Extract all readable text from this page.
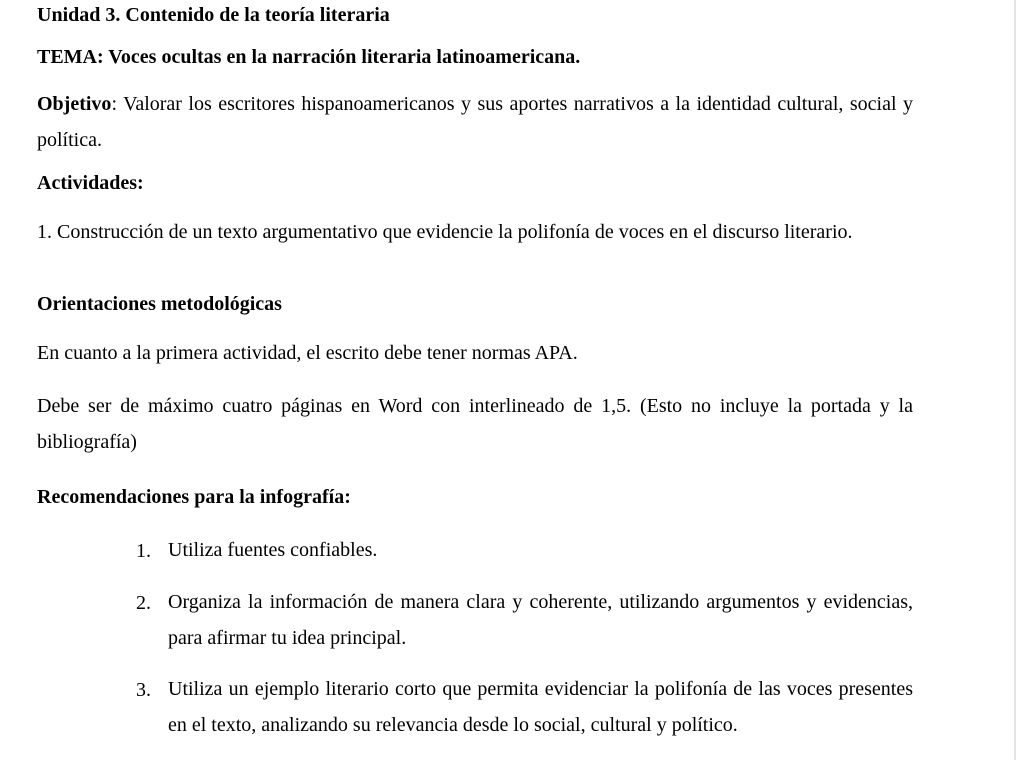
Unidad 3. Contenido de la teoría literaria

TEMA: Voces ocultas en la narración literaria latinoamericana.

Objetivo: Valorar los escritores hispanoamericanos y sus aportes narrativos a la identidad cultural, social y política.

Actividades:

1. Construcción de un texto argumentativo que evidencie la polifonía de voces en el discurso literario.

Orientaciones metodológicas

En cuanto a la primera actividad, el escrito debe tener normas APA.

Debe ser de máximo cuatro páginas en Word con interlineado de 1,5. (Esto no incluye la portada y la bibliografía)

Recomendaciones para la infografía:

1. Utiliza fuentes confiables.

2. Organiza la información de manera clara y coherente, utilizando argumentos y evidencias, para afirmar tu idea principal.

3. Utiliza un ejemplo literario corto que permita evidenciar la polifonía de las voces presentes en el texto, analizando su relevancia desde lo social, cultural y político.
